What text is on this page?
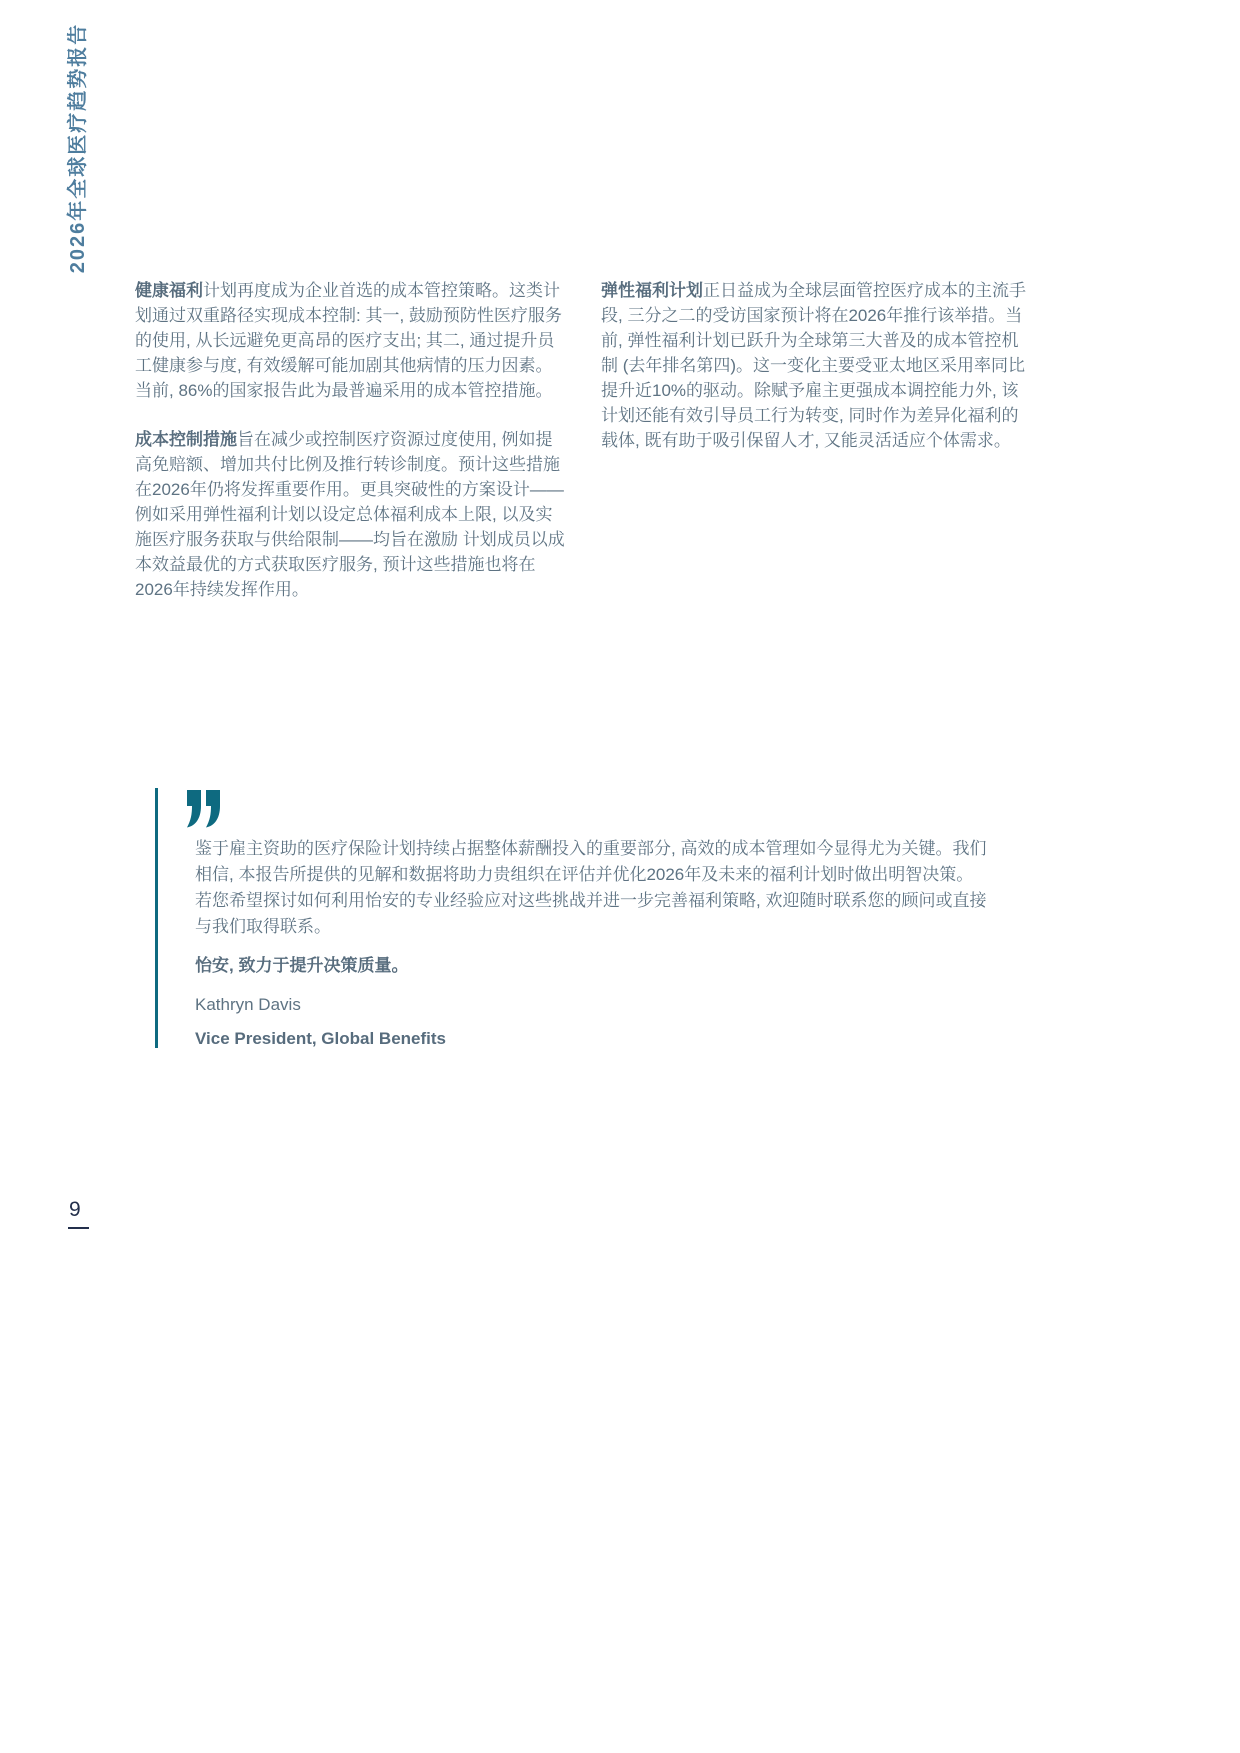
2026年全球医疗趋势报告

健康福利计划再度成为企业首选的成本管控策略。这类计划通过双重路径实现成本控制: 其一, 鼓励预防性医疗服务的使用, 从长远避免更高昂的医疗支出; 其二, 通过提升员工健康参与度, 有效缓解可能加剧其他病情的压力因素。当前, 86%的国家报告此为最普遍采用的成本管控措施。

成本控制措施旨在减少或控制医疗资源过度使用, 例如提高免赔额、增加共付比例及推行转诊制度。预计这些措施在2026年仍将发挥重要作用。更具突破性的方案设计——例如采用弹性福利计划以设定总体福利成本上限, 以及实施医疗服务获取与供给限制——均旨在激励 计划成员以成本效益最优的方式获取医疗服务, 预计这些措施也将在2026年持续发挥作用。

弹性福利计划正日益成为全球层面管控医疗成本的主流手段, 三分之二的受访国家预计将在2026年推行该举措。当前, 弹性福利计划已跃升为全球第三大普及的成本管控机制 (去年排名第四)。这一变化主要受亚太地区采用率同比提升近10%的驱动。除赋予雇主更强成本调控能力外, 该计划还能有效引导员工行为转变, 同时作为差异化福利的载体, 既有助于吸引保留人才, 又能灵活适应个体需求。

鉴于雇主资助的医疗保险计划持续占据整体薪酬投入的重要部分, 高效的成本管理如今显得尤为关键。我们相信, 本报告所提供的见解和数据将助力贵组织在评估并优化2026年及未来的福利计划时做出明智决策。若您希望探讨如何利用怡安的专业经验应对这些挑战并进一步完善福利策略, 欢迎随时联系您的顾问或直接与我们取得联系。

怡安, 致力于提升决策质量。

Kathryn Davis

Vice President, Global Benefits

9
